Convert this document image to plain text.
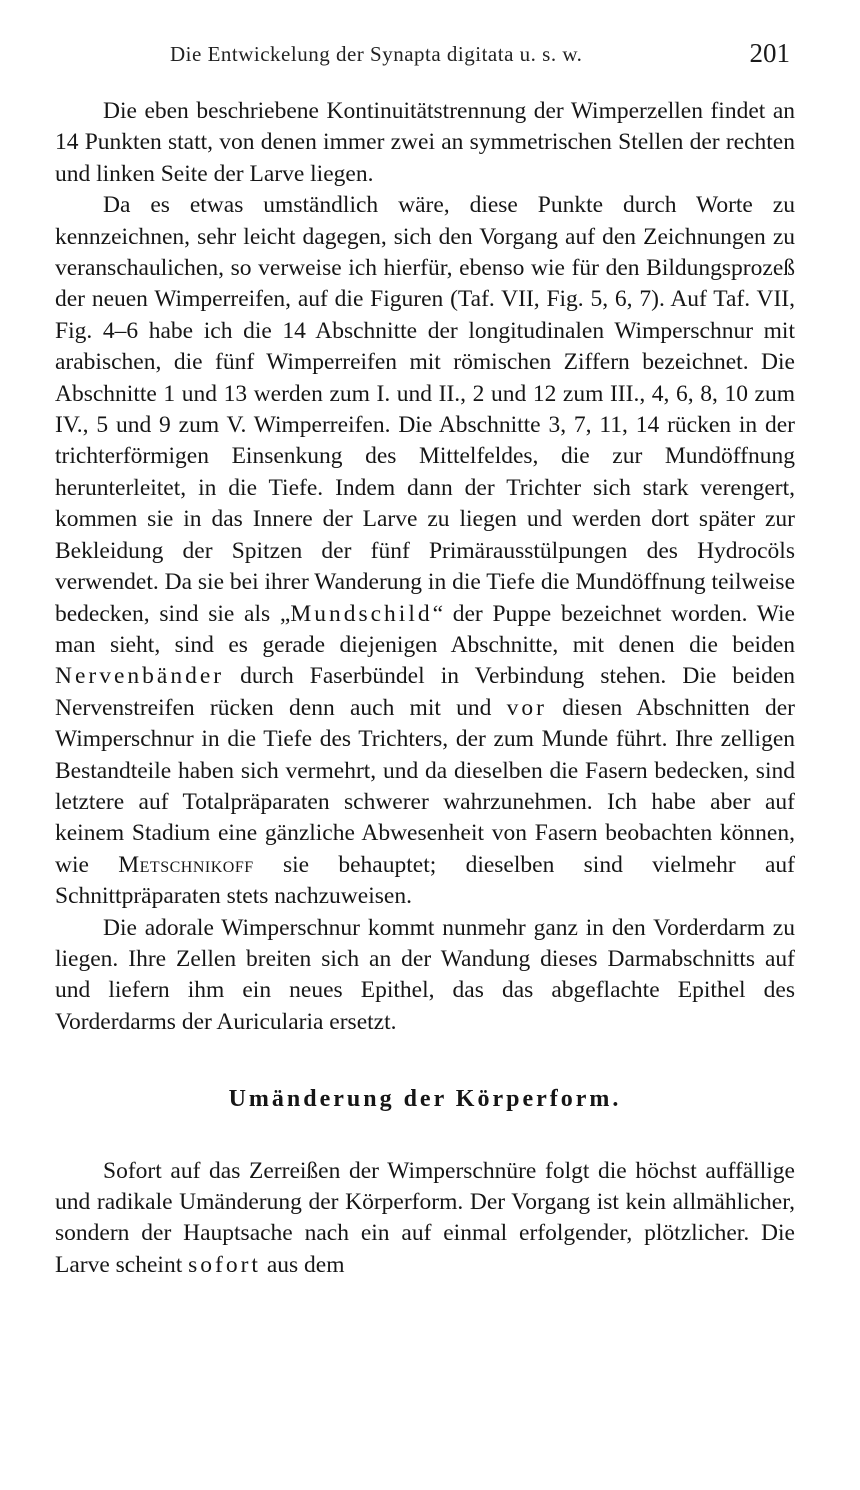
Die Entwickelung der Synapta digitata u. s. w.	201

Die eben beschriebene Kontinuitätstrennung der Wimperzellen findet an 14 Punkten statt, von denen immer zwei an symmetrischen Stellen der rechten und linken Seite der Larve liegen.

Da es etwas umständlich wäre, diese Punkte durch Worte zu kennzeichnen, sehr leicht dagegen, sich den Vorgang auf den Zeichnungen zu veranschaulichen, so verweise ich hierfür, ebenso wie für den Bildungsprozeß der neuen Wimperreifen, auf die Figuren (Taf. VII, Fig. 5, 6, 7). Auf Taf. VII, Fig. 4–6 habe ich die 14 Abschnitte der longitudinalen Wimperschnur mit arabischen, die fünf Wimperreifen mit römischen Ziffern bezeichnet. Die Abschnitte 1 und 13 werden zum I. und II., 2 und 12 zum III., 4, 6, 8, 10 zum IV., 5 und 9 zum V. Wimperreifen. Die Abschnitte 3, 7, 11, 14 rücken in der trichterförmigen Einsenkung des Mittelfeldes, die zur Mundöffnung herunterleitet, in die Tiefe. Indem dann der Trichter sich stark verengert, kommen sie in das Innere der Larve zu liegen und werden dort später zur Bekleidung der Spitzen der fünf Primärausstülpungen des Hydrocöls verwendet. Da sie bei ihrer Wanderung in die Tiefe die Mundöffnung teilweise bedecken, sind sie als „Mundschild“ der Puppe bezeichnet worden. Wie man sieht, sind es gerade diejenigen Abschnitte, mit denen die beiden Nervenbänder durch Faserbündel in Verbindung stehen. Die beiden Nervenstreifen rücken denn auch mit und vor diesen Abschnitten der Wimperschnur in die Tiefe des Trichters, der zum Munde führt. Ihre zelligen Bestandteile haben sich vermehrt, und da dieselben die Fasern bedecken, sind letztere auf Totalpräparaten schwerer wahrzunehmen. Ich habe aber auf keinem Stadium eine gänzliche Abwesenheit von Fasern beobachten können, wie Metschnikoff sie behauptet; dieselben sind vielmehr auf Schnittpräparaten stets nachzuweisen.

Die adorale Wimperschnur kommt nunmehr ganz in den Vorderdarm zu liegen. Ihre Zellen breiten sich an der Wandung dieses Darmabschnitts auf und liefern ihm ein neues Epithel, das das abgeflachte Epithel des Vorderdarms der Auricularia ersetzt.

Umänderung der Körperform.

Sofort auf das Zerreißen der Wimperschnüre folgt die höchst auffällige und radikale Umänderung der Körperform. Der Vorgang ist kein allmählicher, sondern der Hauptsache nach ein auf einmal erfolgender, plötzlicher. Die Larve scheint sofort aus dem
